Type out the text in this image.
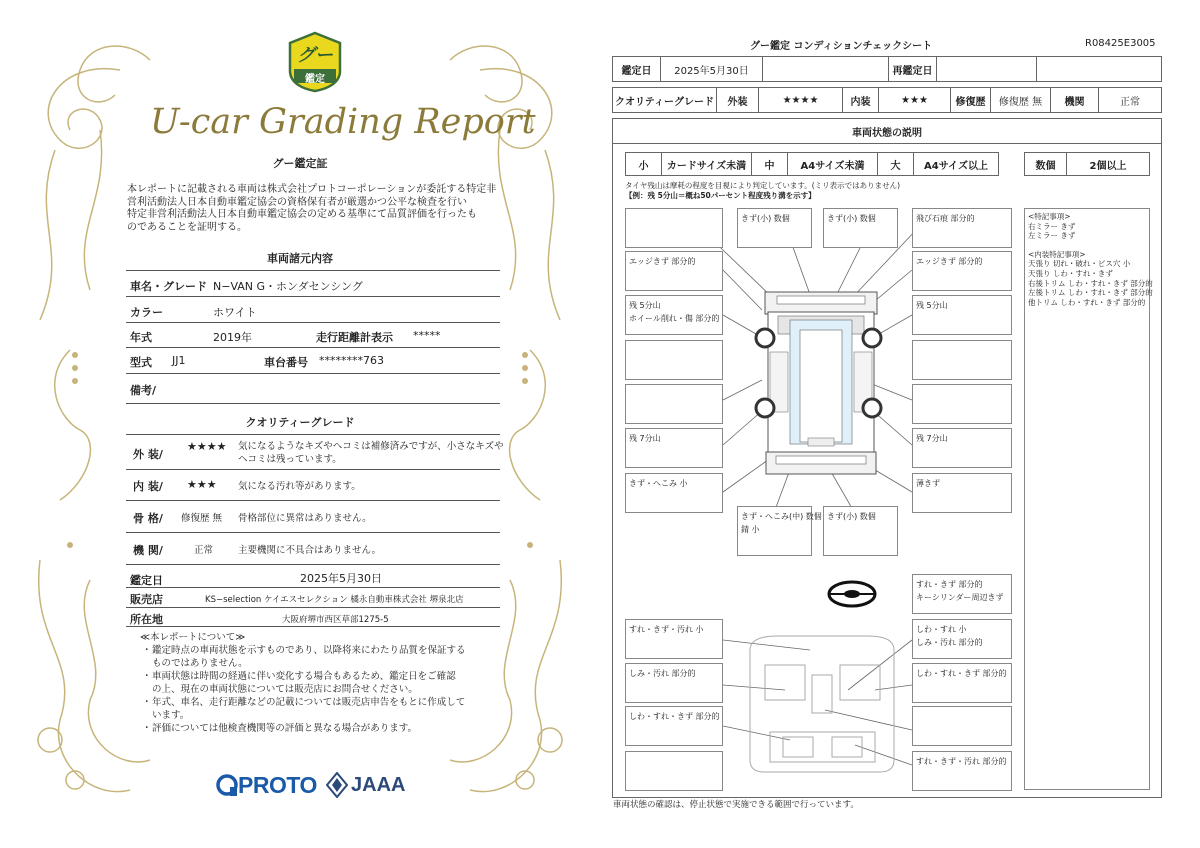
グー
鑑定
U-car Grading Report
グー鑑定証
本レポートに記載される車両は株式会社プロトコーポレーションが委託する特定非
営利活動法人日本自動車鑑定協会の資格保有者が厳選かつ公平な検査を行い
特定非営利活動法人日本自動車鑑定協会の定める基準にて品質評価を行ったも
のであることを証明する。
車両諸元内容
車名・グレード N−VAN G・ホンダセンシング
カラー	ホワイト
年式	2019年	走行距離計表示 *****
型式 JJ1	車台番号 ********763
備考/
クオリティーグレード
外 装/
★★★★ 気になるようなキズやヘコミは補修済みですが、小さなキズや
ヘコミは残っています。
内 装/ ★★★ 気になる汚れ等があります。
骨 格/ 修復歴 無 骨格部位に異常はありません。
機 関/	正常	主要機関に不具合はありません。
鑑定日	2025年5月30日
販売店	KS−selection ケイエスセレクション 橘永自動車株式会社 堺泉北店
所在地	大阪府堺市西区草部1275-5
≪本レポートについて≫
・ 鑑定時点の車両状態を示すものであり、以降将来にわたり品質を保証する
ものではありません。
・ 車両状態は時間の経過に伴い変化する場合もあるため、鑑定日をご確認
の上、現在の車両状態については販売店にお問合せください。
・ 年式、車名、走行距離などの記載については販売店申告をもとに作成して
います。
・ 評価については他検査機関等の評価と異なる場合があります。
PROTO JAAA
グー鑑定 コンディションチェックシート	R08425E3005
鑑定日	2025年5月30日	再鑑定日
クオリティーグレード	外装	★★★★	内装	★★★	修復歴	修復歴 無	機関	正常
車両状態の説明
小	カードサイズ未満	中	A4サイズ未満	大	A4サイズ以上	数個	2個以上
タイヤ残山は摩耗の程度を目視により判定しています。(ミリ表示ではありません)
【例：残 5分山＝概ね50パーセント程度残り溝を示す】
エッジきず 部分的
残 5分山
ホイール削れ・傷 部分的
残 7分山
きず・へこみ 小
きず(小) 数個	きず(小) 数個	飛び石痕 部分的
エッジきず 部分的
残 5分山
残 7分山
薄きず
きず・へこみ(中) 数個
錆 小
きず(小) 数個
すれ・きず 部分的
キーシリンダー周辺きず
すれ・きず・汚れ 小
しみ・汚れ 部分的
しわ・すれ・きず 部分的
しわ・すれ 小
しみ・汚れ 部分的
しわ・すれ・きず 部分的
すれ・きず・汚れ 部分的
<特記事項>
右ミラー きず
左ミラー きず
<内装特記事項>
天張り 切れ・破れ・ビス穴 小
天張り しわ・すれ・きず
右後トリム しわ・すれ・きず 部分的
左後トリム しわ・すれ・きず 部分的
他トリム しわ・すれ・きず 部分的
車両状態の確認は、停止状態で実施できる範囲で行っています。
